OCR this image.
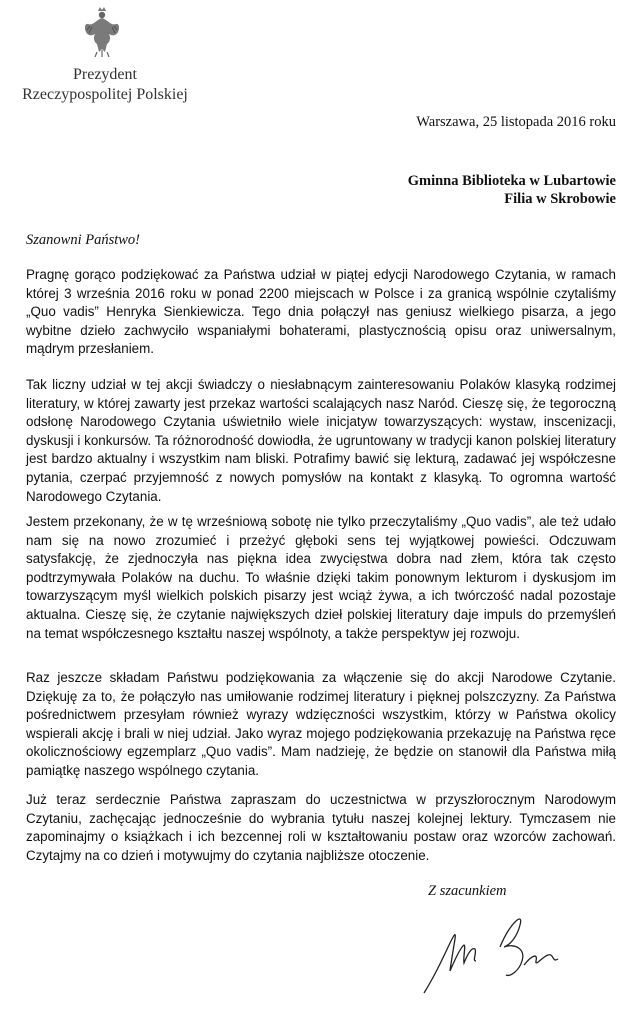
Prezydent
Rzeczypospolitej Polskiej
Warszawa, 25 listopada 2016 roku
Gminna Biblioteka w Lubartowie
Filia w Skrobowie
Szanowni Państwo!

Pragnę gorąco podziękować za Państwa udział w piątej edycji Narodowego Czytania, w ramach której 3 września 2016 roku w ponad 2200 miejscach w Polsce i za granicą wspólnie czytaliśmy „Quo vadis” Henryka Sienkiewicza. Tego dnia połączył nas geniusz wielkiego pisarza, a jego wybitne dzieło zachwyciło wspaniałymi bohaterami, plastycznością opisu oraz uniwersalnym, mądrym przesłaniem.

Tak liczny udział w tej akcji świadczy o niesłabnącym zainteresowaniu Polaków klasyką rodzimej literatury, w której zawarty jest przekaz wartości scalających nasz Naród. Cieszę się, że tegoroczną odsłonę Narodowego Czytania uświetniło wiele inicjatyw towarzyszących: wystaw, inscenizacji, dyskusji i konkursów. Ta różnorodność dowiodła, że ugruntowany w tradycji kanon polskiej literatury jest bardzo aktualny i wszystkim nam bliski. Potrafimy bawić się lekturą, zadawać jej współczesne pytania, czerpać przyjemność z nowych pomysłów na kontakt z klasyką. To ogromna wartość Narodowego Czytania.

Jestem przekonany, że w tę wrześniową sobotę nie tylko przeczytaliśmy „Quo vadis”, ale też udało nam się na nowo zrozumieć i przeżyć głęboki sens tej wyjątkowej powieści. Odczuwam satysfakcję, że zjednoczyła nas piękna idea zwycięstwa dobra nad złem, która tak często podtrzymywała Polaków na duchu. To właśnie dzięki takim ponownym lekturom i dyskusjom im towarzyszącym myśl wielkich polskich pisarzy jest wciąż żywa, a ich twórczość nadal pozostaje aktualna. Cieszę się, że czytanie największych dzieł polskiej literatury daje impuls do przemyśleń na temat współczesnego kształtu naszej wspólnoty, a także perspektyw jej rozwoju.

Raz jeszcze składam Państwu podziękowania za włączenie się do akcji Narodowe Czytanie. Dziękuję za to, że połączyło nas umiłowanie rodzimej literatury i pięknej polszczyzny. Za Państwa pośrednictwem przesyłam również wyrazy wdzięczności wszystkim, którzy w Państwa okolicy wspierali akcję i brali w niej udział. Jako wyraz mojego podziękowania przekazuję na Państwa ręce okolicznościowy egzemplarz „Quo vadis”. Mam nadzieję, że będzie on stanowił dla Państwa miłą pamiątkę naszego wspólnego czytania.

Już teraz serdecznie Państwa zapraszam do uczestnictwa w przyszłorocznym Narodowym Czytaniu, zachęcając jednocześnie do wybrania tytułu naszej kolejnej lektury. Tymczasem nie zapominajmy o książkach i ich bezcennej roli w kształtowaniu postaw oraz wzorców zachowań. Czytajmy na co dzień i motywujmy do czytania najbliższe otoczenie.

Z szacunkiem
